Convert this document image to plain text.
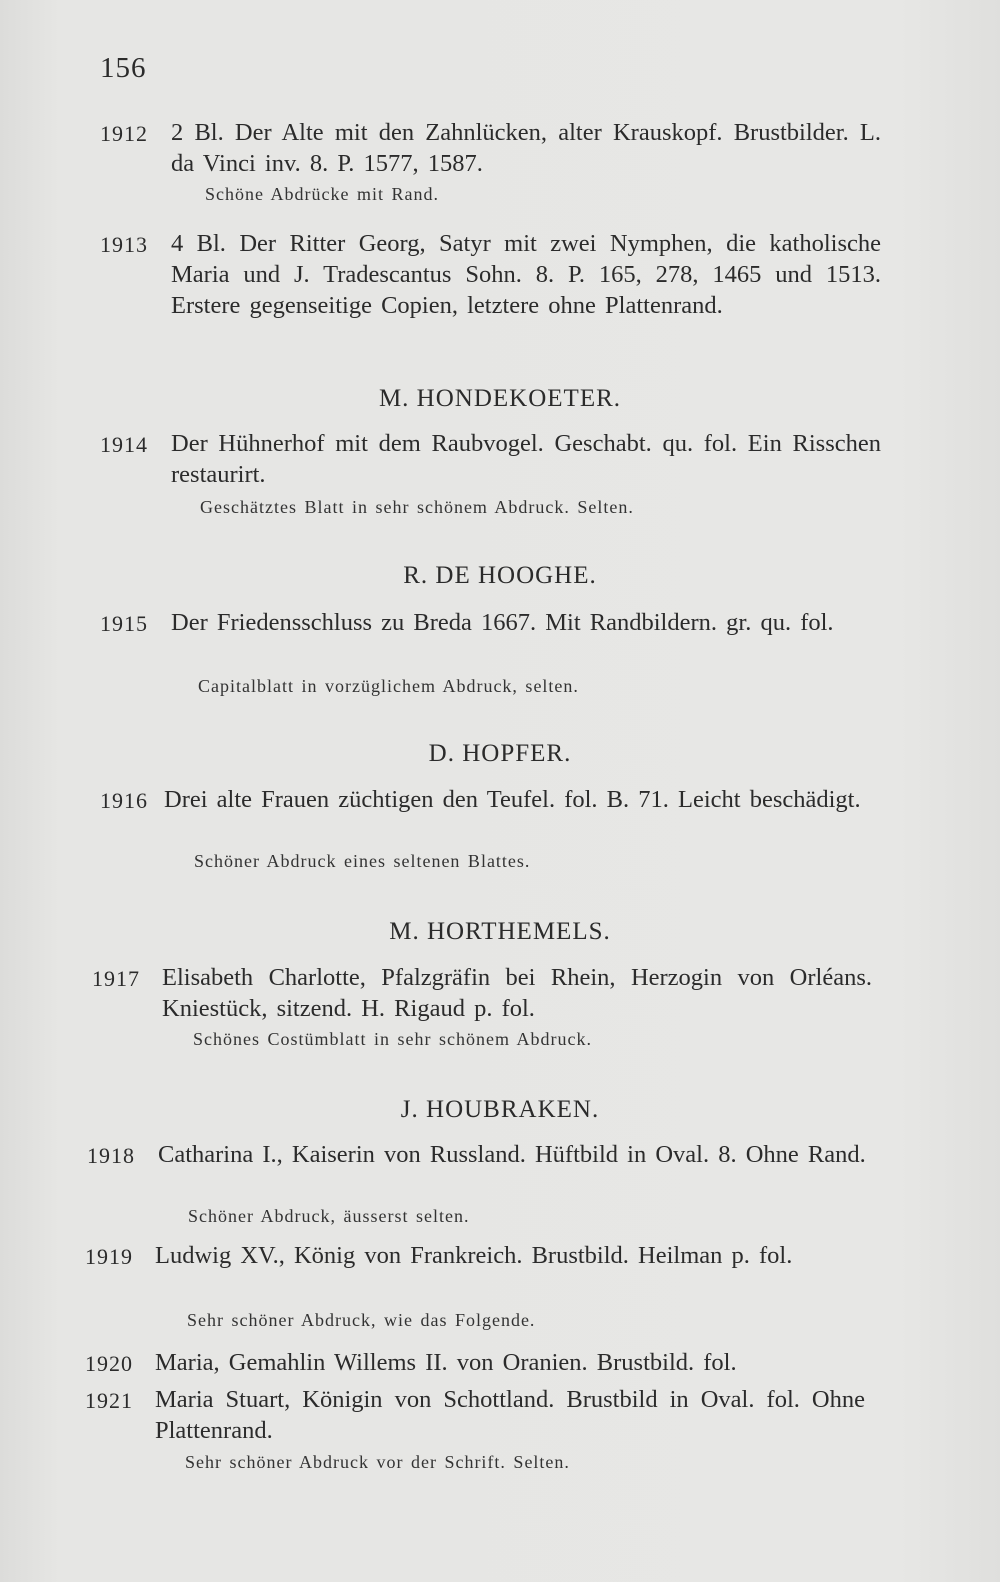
156
1912 2 Bl. Der Alte mit den Zahnlücken, alter Krauskopf. Brustbilder. L. da Vinci inv. 8. P. 1577, 1587.
Schöne Abdrücke mit Rand.
1913 4 Bl. Der Ritter Georg, Satyr mit zwei Nymphen, die katholische Maria und J. Tradescantus Sohn. 8. P. 165, 278, 1465 und 1513. Erstere gegenseitige Copien, letztere ohne Plattenrand.
M. HONDEKOETER.
1914 Der Hühnerhof mit dem Raubvogel. Geschabt. qu. fol. Ein Risschen restaurirt.
Geschätztes Blatt in sehr schönem Abdruck. Selten.
R. DE HOOGHE.
1915 Der Friedensschluss zu Breda 1667. Mit Randbildern. gr. qu. fol.
Capitalblatt in vorzüglichem Abdruck, selten.
D. HOPFER.
1916 Drei alte Frauen züchtigen den Teufel. fol. B. 71. Leicht beschädigt.
Schöner Abdruck eines seltenen Blattes.
M. HORTHEMELS.
1917 Elisabeth Charlotte, Pfalzgräfin bei Rhein, Herzogin von Orléans. Kniestück, sitzend. H. Rigaud p. fol.
Schönes Costümblatt in sehr schönem Abdruck.
J. HOUBRAKEN.
1918 Catharina I., Kaiserin von Russland. Hüftbild in Oval. 8. Ohne Rand.
Schöner Abdruck, äusserst selten.
1919 Ludwig XV., König von Frankreich. Brustbild. Heilman p. fol.
Sehr schöner Abdruck, wie das Folgende.
1920 Maria, Gemahlin Willems II. von Oranien. Brustbild. fol.
1921 Maria Stuart, Königin von Schottland. Brustbild in Oval. fol. Ohne Plattenrand.
Sehr schöner Abdruck vor der Schrift. Selten.
